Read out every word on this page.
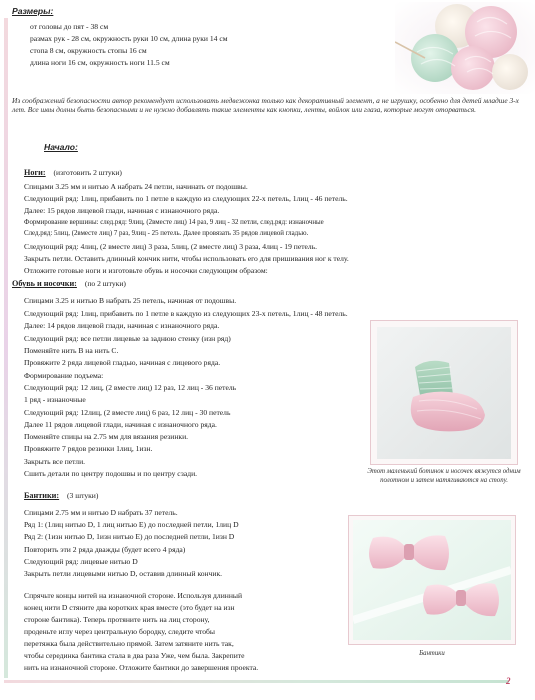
Размеры:
от головы до пят - 38 см
размах рук - 28 см, окружность руки 10 см, длина руки 14 см
стопа 8 см, окружность стопы 16 см
длина ноги 16 см, окружность ноги 11.5 см
Из соображений безопасности автор рекомендует использовать медвежонка только как декоративный элемент, а не игрушку, особенно для детей младше 3-х лет. Все швы долны быть безопасными и не нужно добавлять такие элементы как кнопки, ленты, войлок или глаза, которые могут оторваться.
Начало:
Ноги: (изготовить 2 штуки)
Спицами 3.25 мм и нитью A набрать 24 петли, начинать от подошвы.
Следующий ряд: 1лиц, прибавить по 1 петле в каждую из следующих 22-х петель, 1лиц - 46 петель.
Далее: 15 рядов лицевой глади, начиная с изнаночного ряда.
Формирование вершины: след.ряд: 9лиц, (2вместе лиц) 14 раз, 9 лиц - 32 петли, след.ряд: изнаночные
След.ряд: 5лиц, (2вместе лиц) 7 раз, 9лиц - 25 петель. Далее провязать 35 рядов лицевой гладью.
Следующий ряд: 4лиц, (2 вместе лиц) 3 раза, 5лиц, (2 вместе лиц) 3 раза, 4лиц - 19 петель.
Закрыть петли. Оставить длинный кончик нити, чтобы использовать его для пришивания ног к телу.
Отложите готовые ноги и изготовьте обувь и носочки следующим образом:
Обувь и носочки: (по 2 штуки)
Спицами 3.25 и нитью B набрать 25 петель, начиная от подошвы.
Следующий ряд: 1лиц, прибавить по 1 петле в каждую из следующих 23-х петель, 1лиц - 48 петель.
Далее: 14 рядов лицевой глади, начиная с изнаночного ряда.
Следующий ряд: все петли лицевые за заднюю стенку (изн ряд)
Поменяйте нить B на нить С.
Провяжите 2 ряда лицевой гладью, начиная с лицевого ряда.
Формирование подъема:
Следующий ряд: 12 лиц, (2 вместе лиц) 12 раз, 12 лиц - 36 петель
1 ряд - изнаночные
Следующий ряд: 12лиц, (2 вместе лиц) 6 раз, 12 лиц - 30 петель
Далее 11 рядов лицевой глади, начиная с изнаночного ряда.
Поменяйте спицы на 2.75 мм для вязания резинки.
Провяжите 7 рядов резинки 1лиц, 1изн.
Закрыть все петли.
Сшить детали по центру подошвы и по центру сзади.	Этот маленький ботинок и носочек вяжутся одним полотном и затем натягиваются на стопу.
Бантики: (3 штуки)
Спицами 2.75 мм и нитью D набрать 37 петель.
Ряд 1: (1лиц нитью D, 1 лиц нитью E) до последней петли, 1лиц D
Ряд 2: (1изн нитью D, 1изн нитью E) до последней петли, 1изн D
Повторить эти 2 ряда дважды (будет всего 4 ряда)
Следующий ряд: лицевые нитью D
Закрыть петли лицевыми нитью D, оставив длинный кончик.
Спрячьте концы нитей на изнаночной стороне. Используя длинный
конец нити D стяните два коротких края вместе (это будет на изн
стороне бантика). Теперь протяните нить на лиц сторону,
проденьте иглу через центральную бородку, следите чтобы
перетяжка была действительно прямой. Затем затяните нить так,
чтобы серединка бантика стала в два раза Уже, чем была. Закрепите
нить на изнаночной стороне. Отложите бантики до завершения проекта.
Бантики
2
